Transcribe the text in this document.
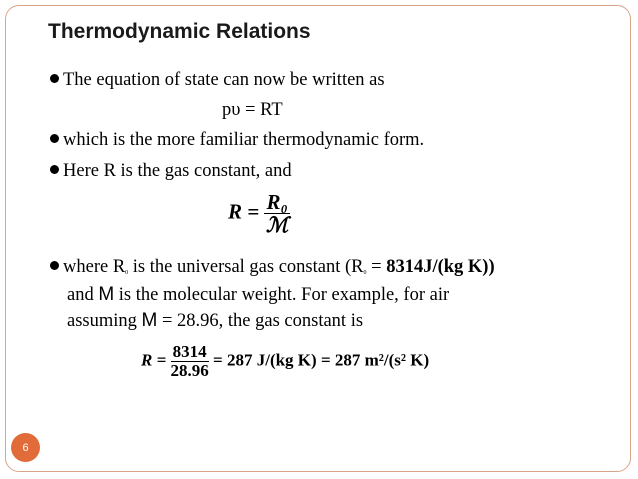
Thermodynamic Relations
The equation of state can now be written as
pυ = RT
which is the more familiar thermodynamic form.
Here R is the gas constant, and
$R = \frac{\text{R₀}}{\text{ℳ}}$
where $R_0$ is the universal gas constant ($R_0 = 8314J/(kg$ K))
and M is the molecular weight. For example, for air
assuming M = 28.96, the gas constant is
$R = \frac{8314}{28.96} = 287$ J/(kg K) = 287 m²/(s² K)
6
